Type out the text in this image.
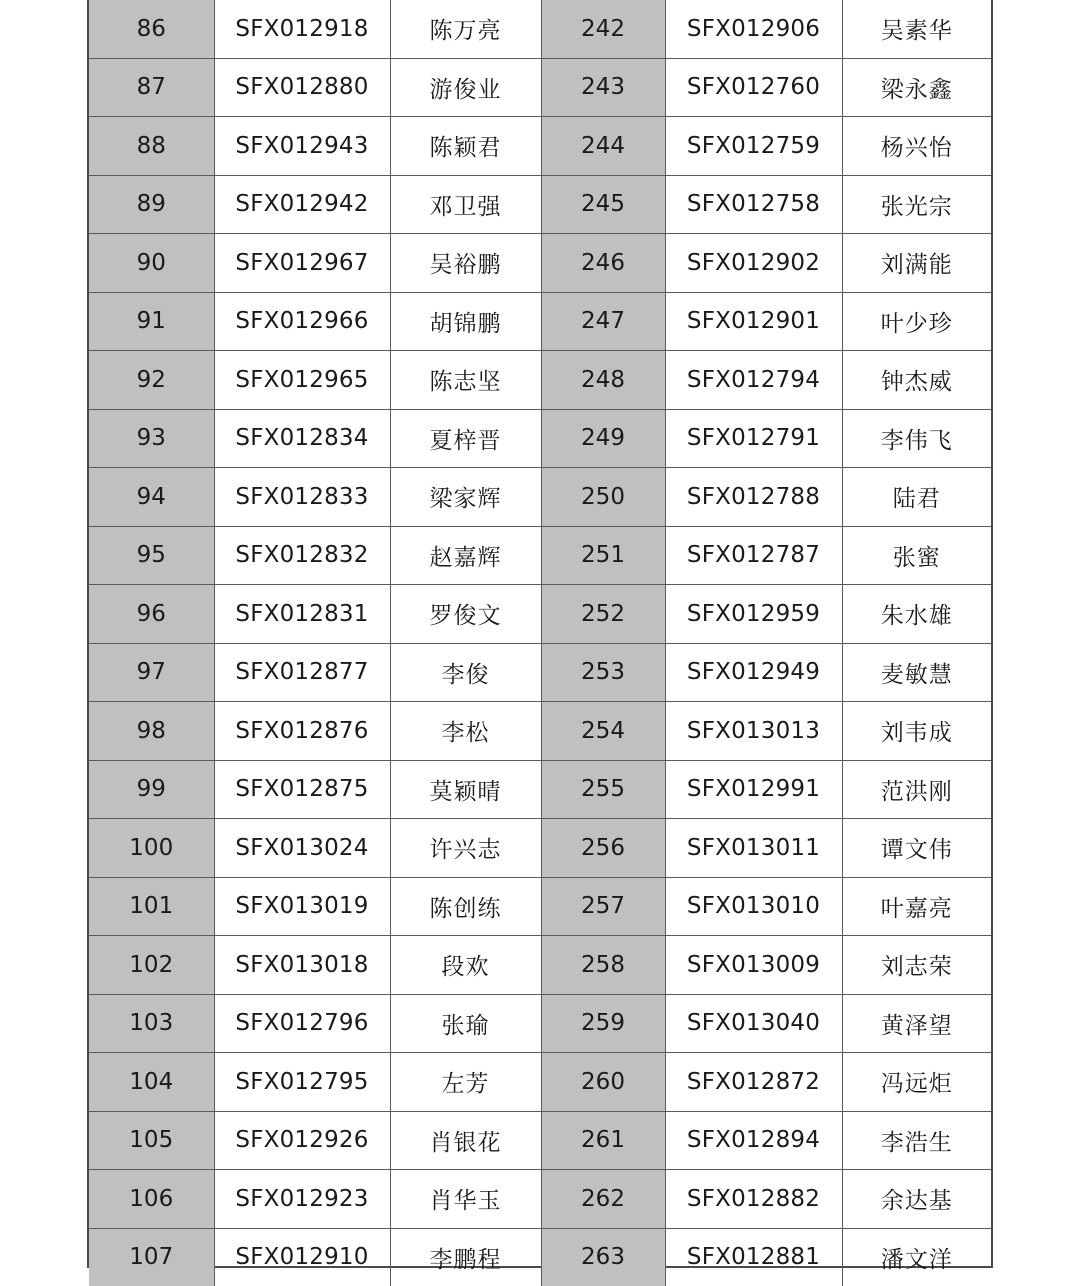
86	SFX012918	陈万亮	242	SFX012906	吴素华
87	SFX012880	游俊业	243	SFX012760	梁永鑫
88	SFX012943	陈颖君	244	SFX012759	杨兴怡
89	SFX012942	邓卫强	245	SFX012758	张光宗
90	SFX012967	吴裕鹏	246	SFX012902	刘满能
91	SFX012966	胡锦鹏	247	SFX012901	叶少珍
92	SFX012965	陈志坚	248	SFX012794	钟杰威
93	SFX012834	夏梓晋	249	SFX012791	李伟飞
94	SFX012833	梁家辉	250	SFX012788	陆君
95	SFX012832	赵嘉辉	251	SFX012787	张蜜
96	SFX012831	罗俊文	252	SFX012959	朱水雄
97	SFX012877	李俊	253	SFX012949	麦敏慧
98	SFX012876	李松	254	SFX013013	刘韦成
99	SFX012875	莫颖晴	255	SFX012991	范洪刚
100	SFX013024	许兴志	256	SFX013011	谭文伟
101	SFX013019	陈创练	257	SFX013010	叶嘉亮
102	SFX013018	段欢	258	SFX013009	刘志荣
103	SFX012796	张瑜	259	SFX013040	黄泽望
104	SFX012795	左芳	260	SFX012872	冯远炬
105	SFX012926	肖银花	261	SFX012894	李浩生
106	SFX012923	肖华玉	262	SFX012882	余达基
107	SFX012910	李鹏程	263	SFX012881	潘文洋
